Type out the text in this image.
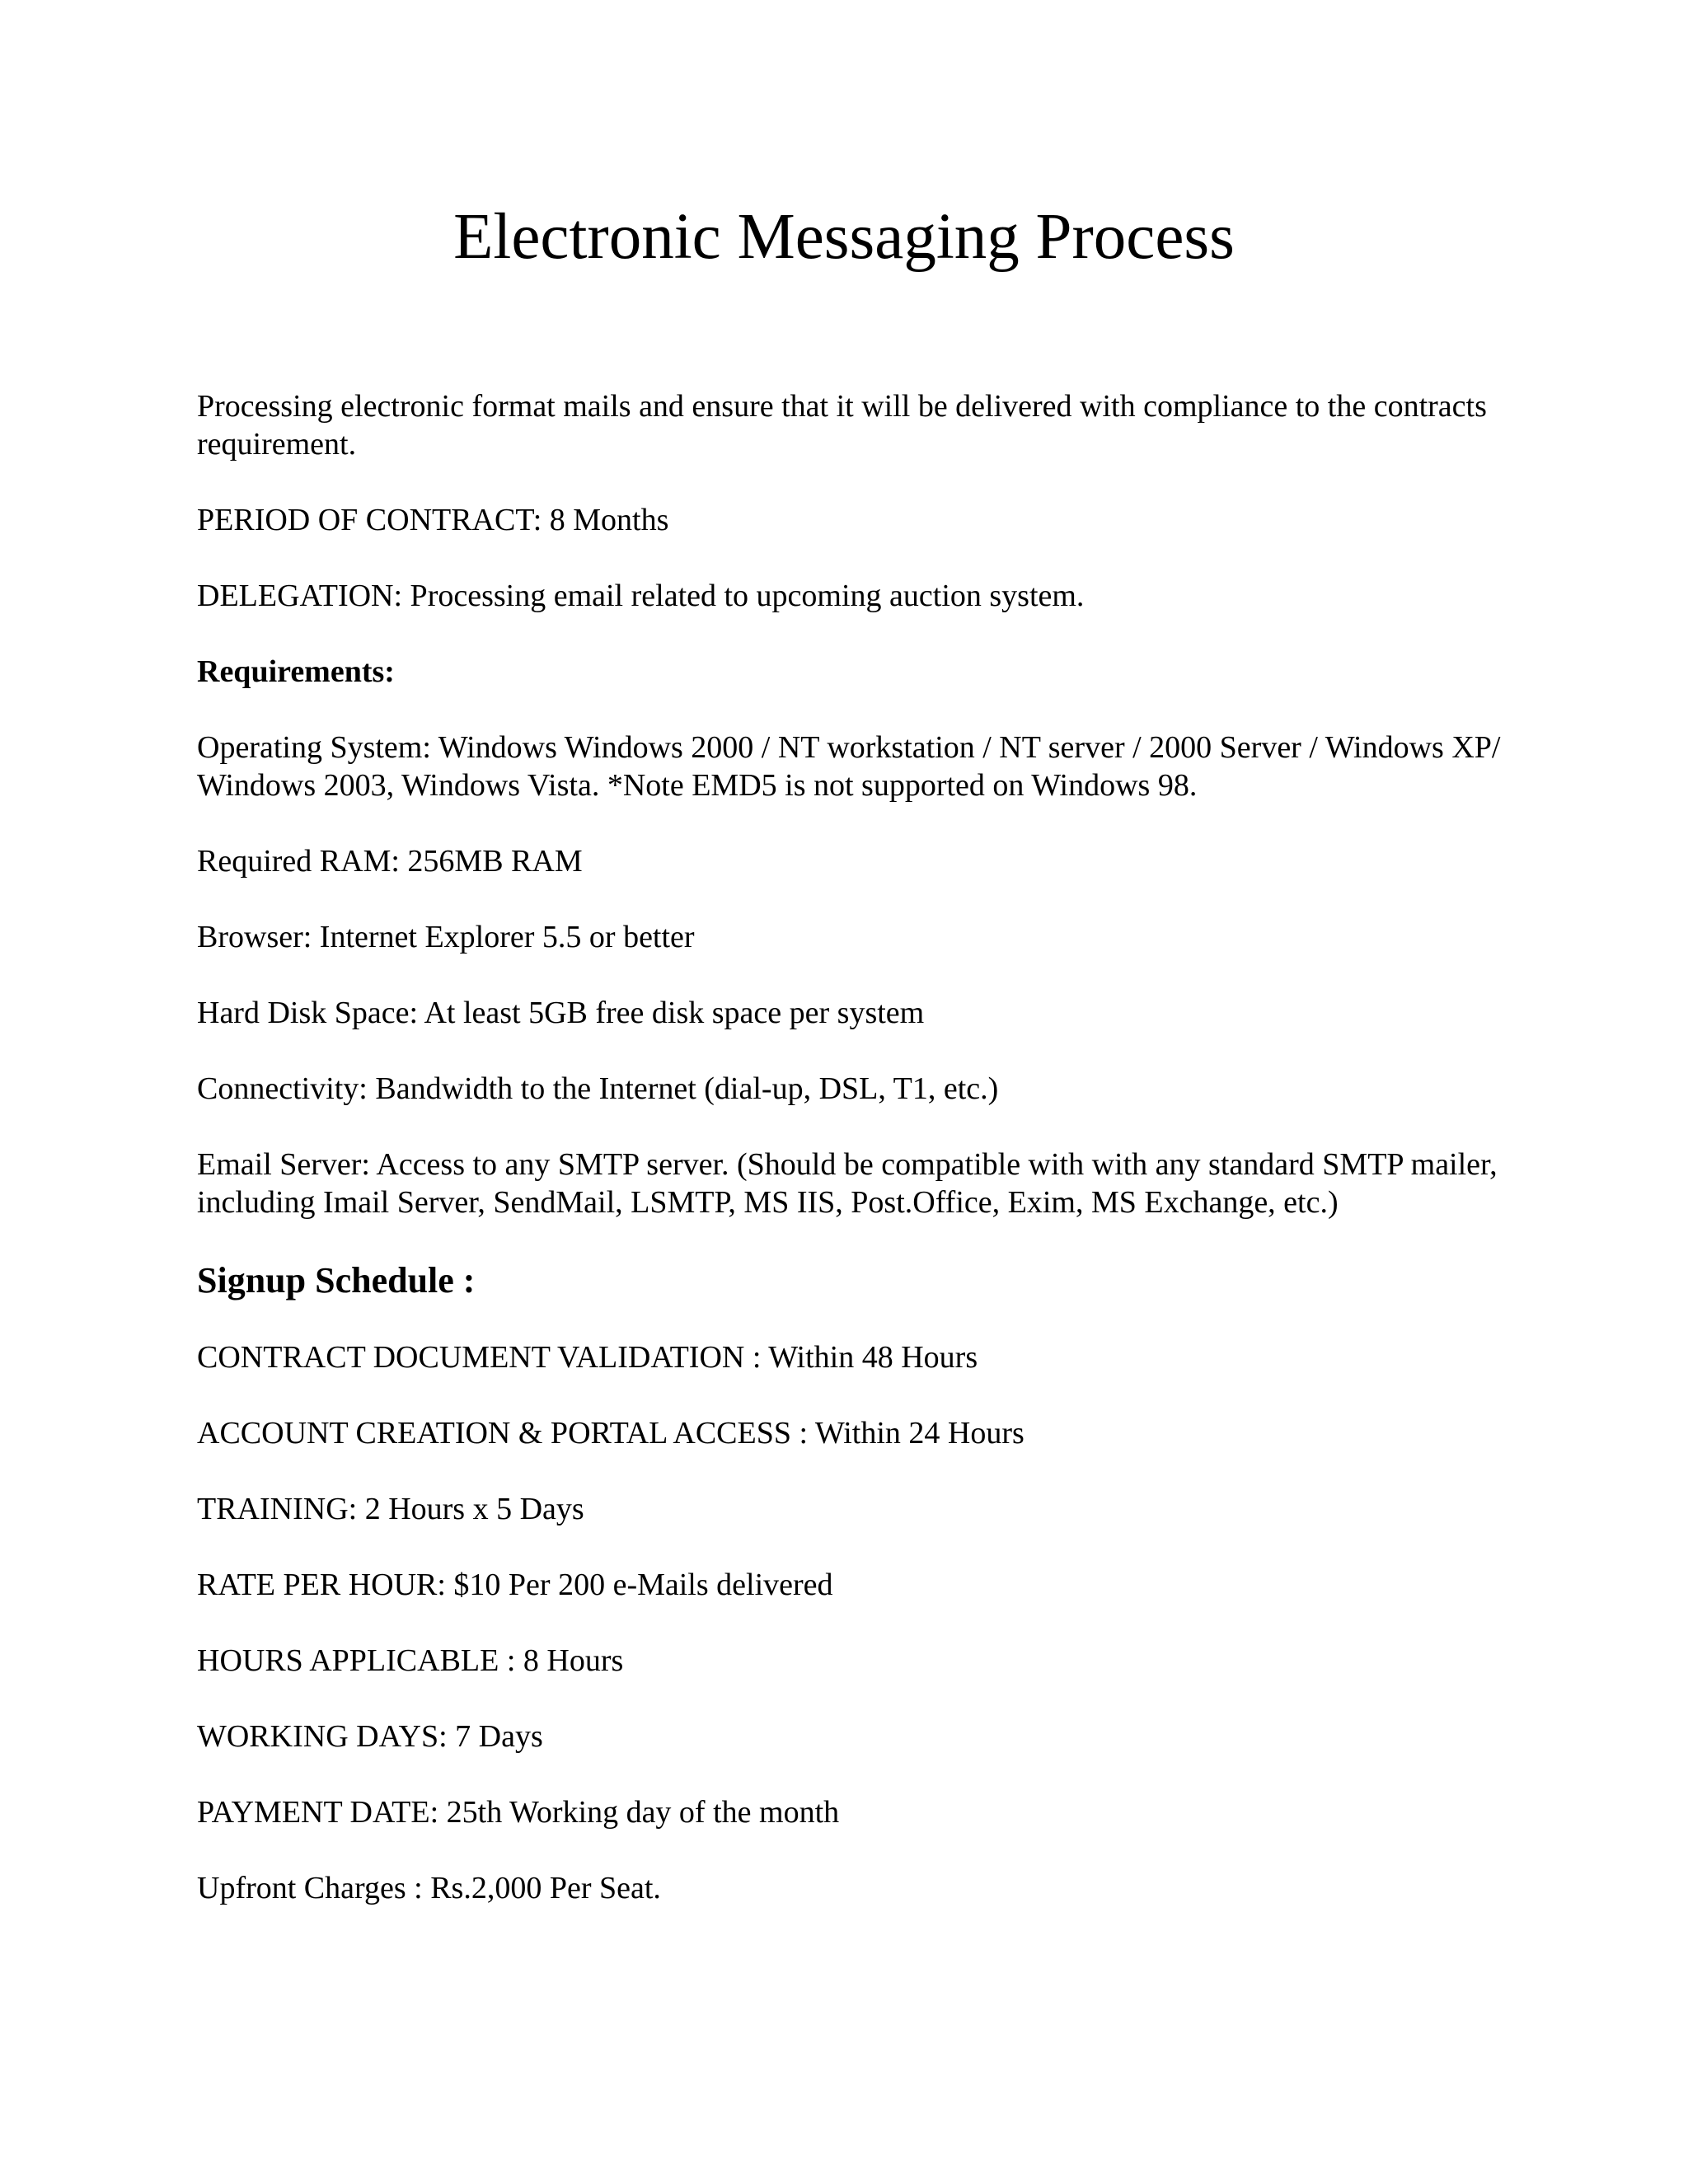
Electronic Messaging Process

Processing electronic format mails and ensure that it will be delivered with compliance to the contracts requirement.

PERIOD OF CONTRACT: 8 Months

DELEGATION: Processing email related to upcoming auction system.

Requirements:

Operating System: Windows Windows 2000 / NT workstation / NT server / 2000 Server / Windows XP/ Windows 2003, Windows Vista. *Note EMD5 is not supported on Windows 98.

Required RAM: 256MB RAM

Browser: Internet Explorer 5.5 or better

Hard Disk Space: At least 5GB free disk space per system

Connectivity: Bandwidth to the Internet (dial-up, DSL, T1, etc.)

Email Server: Access to any SMTP server. (Should be compatible with with any standard SMTP mailer, including Imail Server, SendMail, LSMTP, MS IIS, Post.Office, Exim, MS Exchange, etc.)

Signup Schedule :

CONTRACT DOCUMENT VALIDATION : Within 48 Hours

ACCOUNT CREATION & PORTAL ACCESS : Within 24 Hours

TRAINING: 2 Hours x 5 Days

RATE PER HOUR: $10 Per 200 e-Mails delivered

HOURS APPLICABLE : 8 Hours

WORKING DAYS: 7 Days

PAYMENT DATE: 25th Working day of the month

Upfront Charges : Rs.2,000 Per Seat.
